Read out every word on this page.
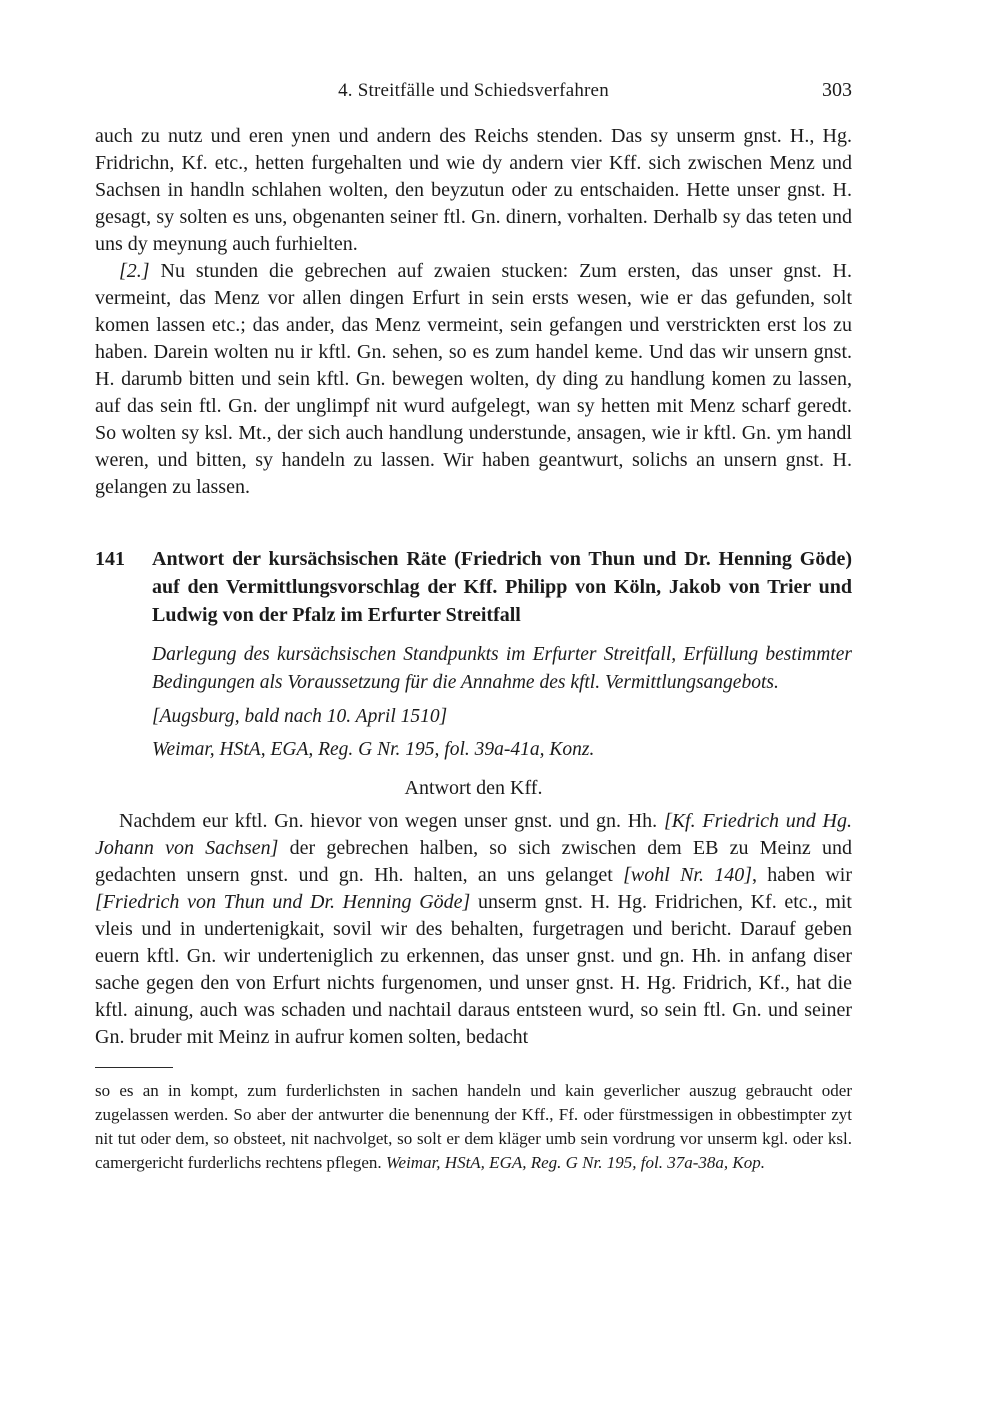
4. Streitfälle und Schiedsverfahren	303

auch zu nutz und eren ynen und andern des Reichs stenden. Das sy unserm gnst. H., Hg. Fridrichn, Kf. etc., hetten furgehalten und wie dy andern vier Kff. sich zwischen Menz und Sachsen in handln schlahen wolten, den beyzutun oder zu entschaiden. Hette unser gnst. H. gesagt, sy solten es uns, obgenanten seiner ftl. Gn. dinern, vorhalten. Derhalb sy das teten und uns dy meynung auch furhielten.

[2.] Nu stunden die gebrechen auf zwaien stucken: Zum ersten, das unser gnst. H. vermeint, das Menz vor allen dingen Erfurt in sein ersts wesen, wie er das gefunden, solt komen lassen etc.; das ander, das Menz vermeint, sein gefangen und verstrickten erst los zu haben. Darein wolten nu ir kftl. Gn. sehen, so es zum handel keme. Und das wir unsern gnst. H. darumb bitten und sein kftl. Gn. bewegen wolten, dy ding zu handlung komen zu lassen, auf das sein ftl. Gn. der unglimpf nit wurd aufgelegt, wan sy hetten mit Menz scharf geredt. So wolten sy ksl. Mt., der sich auch handlung understunde, ansagen, wie ir kftl. Gn. ym handl weren, und bitten, sy handeln zu lassen. Wir haben geantwurt, solichs an unsern gnst. H. gelangen zu lassen.

141	Antwort der kursächsischen Räte (Friedrich von Thun und Dr. Henning Göde) auf den Vermittlungsvorschlag der Kff. Philipp von Köln, Jakob von Trier und Ludwig von der Pfalz im Erfurter Streitfall

Darlegung des kursächsischen Standpunkts im Erfurter Streitfall, Erfüllung bestimmter Bedingungen als Voraussetzung für die Annahme des kftl. Vermittlungsangebots.

[Augsburg, bald nach 10. April 1510]

Weimar, HStA, EGA, Reg. G Nr. 195, fol. 39a-41a, Konz.

Antwort den Kff.

Nachdem eur kftl. Gn. hievor von wegen unser gnst. und gn. Hh. [Kf. Friedrich und Hg. Johann von Sachsen] der gebrechen halben, so sich zwischen dem EB zu Meinz und gedachten unsern gnst. und gn. Hh. halten, an uns gelanget [wohl Nr. 140], haben wir [Friedrich von Thun und Dr. Henning Göde] unserm gnst. H. Hg. Fridrichen, Kf. etc., mit vleis und in undertenigkait, sovil wir des behalten, furgetragen und bericht. Darauf geben euern kftl. Gn. wir underteniglich zu erkennen, das unser gnst. und gn. Hh. in anfang diser sache gegen den von Erfurt nichts furgenomen, und unser gnst. H. Hg. Fridrich, Kf., hat die kftl. ainung, auch was schaden und nachtail daraus entsteen wurd, so sein ftl. Gn. und seiner Gn. bruder mit Meinz in aufrur komen solten, bedacht

so es an in kompt, zum furderlichsten in sachen handeln und kain geverlicher auszug gebraucht oder zugelassen werden. So aber der antwurter die benennung der Kff., Ff. oder fürstmessigen in obbestimpter zyt nit tut oder dem, so obsteet, nit nachvolget, so solt er dem kläger umb sein vordrung vor unserm kgl. oder ksl. camergericht furderlichs rechtens pflegen. Weimar, HStA, EGA, Reg. G Nr. 195, fol. 37a-38a, Kop.
